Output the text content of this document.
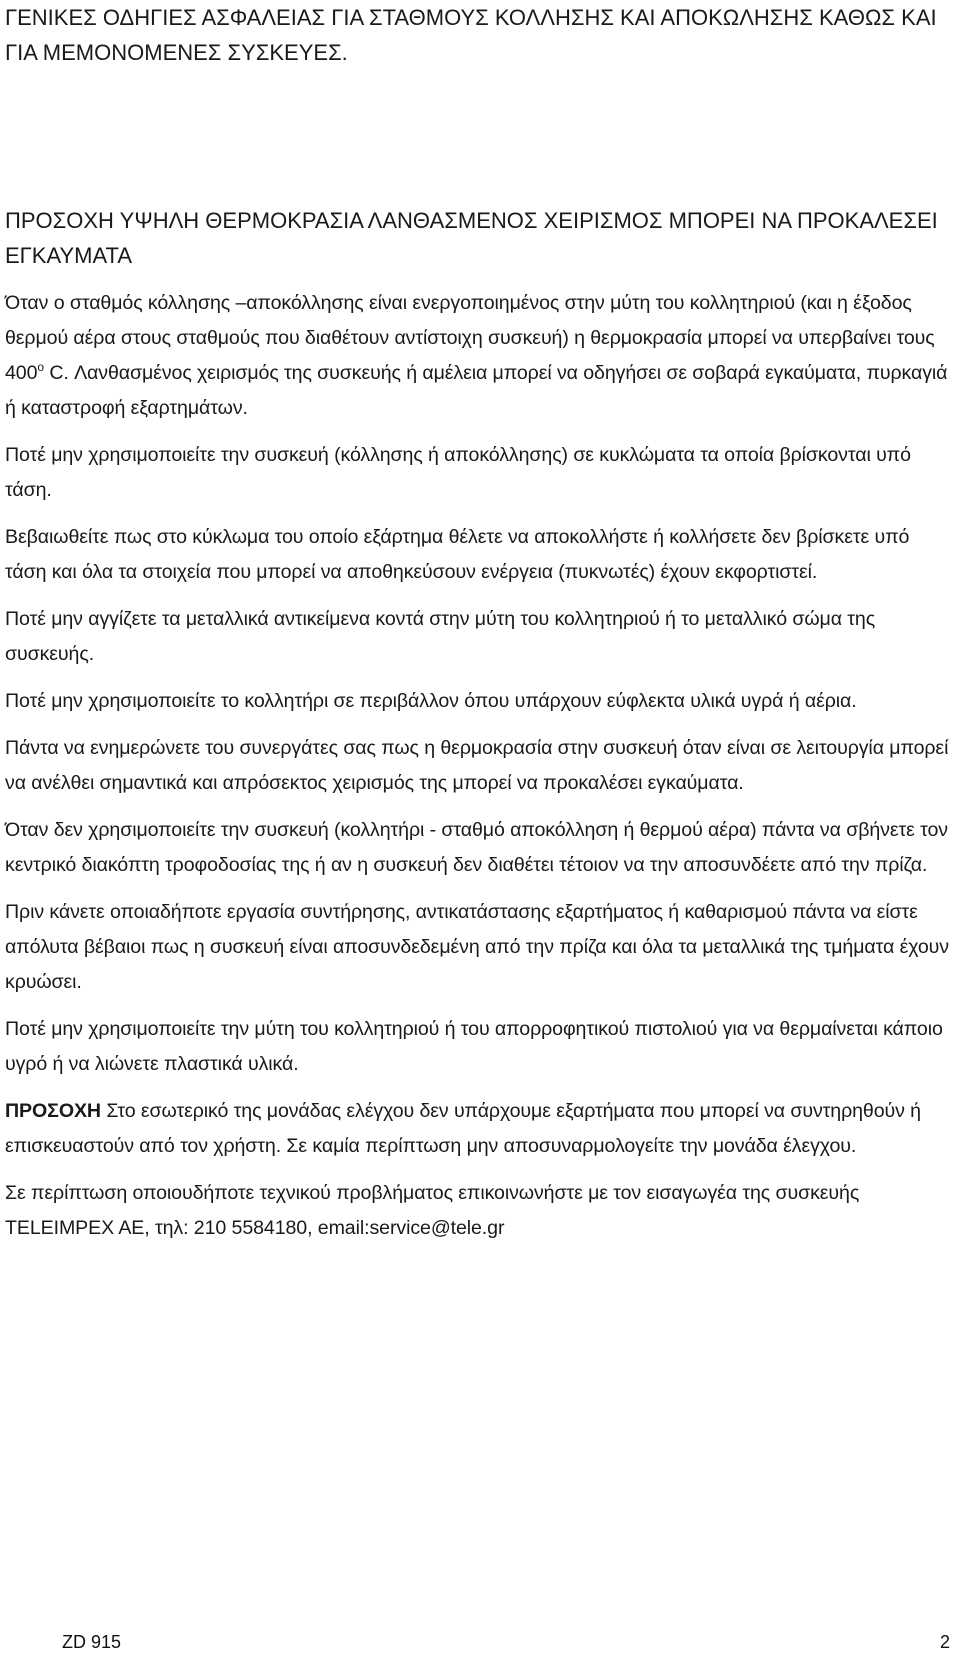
ΓΕΝΙΚΕΣ ΟΔΗΓΙΕΣ ΑΣΦΑΛΕΙΑΣ ΓΙΑ ΣΤΑΘΜΟΥΣ ΚΟΛΛΗΣΗΣ ΚΑΙ ΑΠΟΚΩΛΗΣΗΣ ΚΑΘΩΣ ΚΑΙ ΓΙΑ ΜΕΜΟΝΟΜΕΝΕΣ ΣΥΣΚΕΥΕΣ.
ΠΡΟΣΟΧΗ ΥΨΗΛΗ ΘΕΡΜΟΚΡΑΣΙΑ ΛΑΝΘΑΣΜΕΝΟΣ ΧΕΙΡΙΣΜΟΣ ΜΠΟΡΕΙ ΝΑ ΠΡΟΚΑΛΕΣΕΙ ΕΓΚΑΥΜΑΤΑ

Όταν ο σταθμός κόλλησης –αποκόλλησης είναι ενεργοποιημένος στην μύτη του κολλητηριού (και η έξοδος θερμού αέρα στους σταθμούς που διαθέτουν αντίστοιχη συσκευή) η θερμοκρασία μπορεί να υπερβαίνει τους $400^o$ C. Λανθασμένος χειρισμός της συσκευής ή αμέλεια μπορεί να οδηγήσει σε σοβαρά εγκαύματα, πυρκαγιά ή καταστροφή εξαρτημάτων.

Ποτέ μην χρησιμοποιείτε την συσκευή (κόλλησης ή αποκόλλησης) σε κυκλώματα τα οποία βρίσκονται υπό τάση.

Βεβαιωθείτε πως στο κύκλωμα του οποίο εξάρτημα θέλετε να αποκολλήστε ή κολλήσετε δεν βρίσκετε υπό τάση και όλα τα στοιχεία που μπορεί να αποθηκεύσουν ενέργεια (πυκνωτές) έχουν εκφορτιστεί.

Ποτέ μην αγγίζετε τα μεταλλικά αντικείμενα κοντά στην μύτη του κολλητηριού ή το μεταλλικό σώμα της συσκευής.

Ποτέ μην χρησιμοποιείτε το κολλητήρι σε περιβάλλον όπου υπάρχουν εύφλεκτα υλικά υγρά ή αέρια.

Πάντα να ενημερώνετε του συνεργάτες σας πως η θερμοκρασία στην συσκευή όταν είναι σε λειτουργία μπορεί να ανέλθει σημαντικά και απρόσεκτος χειρισμός της μπορεί να προκαλέσει εγκαύματα.

Όταν δεν χρησιμοποιείτε την συσκευή (κολλητήρι - σταθμό αποκόλληση ή θερμού αέρα) πάντα να σβήνετε τον κεντρικό διακόπτη τροφοδοσίας της ή αν η συσκευή δεν διαθέτει τέτοιον να την αποσυνδέετε από την πρίζα.

Πριν κάνετε οποιαδήποτε εργασία συντήρησης, αντικατάστασης εξαρτήματος ή καθαρισμού πάντα να είστε απόλυτα βέβαιοι πως η συσκευή είναι αποσυνδεδεμένη από την πρίζα και όλα τα μεταλλικά της τμήματα έχουν κρυώσει.

Ποτέ μην χρησιμοποιείτε την μύτη του κολλητηριού ή του απορροφητικού πιστολιού για να θερμαίνεται κάποιο υγρό ή να λιώνετε πλαστικά υλικά.

ΠΡΟΣΟΧΗ Στο εσωτερικό της μονάδας ελέγχου δεν υπάρχουμε εξαρτήματα που μπορεί να συντηρηθούν ή επισκευαστούν από τον χρήστη. Σε καμία περίπτωση μην αποσυναρμολογείτε την μονάδα έλεγχου.

Σε περίπτωση οποιουδήποτε τεχνικού προβλήματος επικοινωνήστε με τον εισαγωγέα της συσκευής TELEIMPEX AE, τηλ: 210 5584180, email:service@tele.gr

ZD 915	2
